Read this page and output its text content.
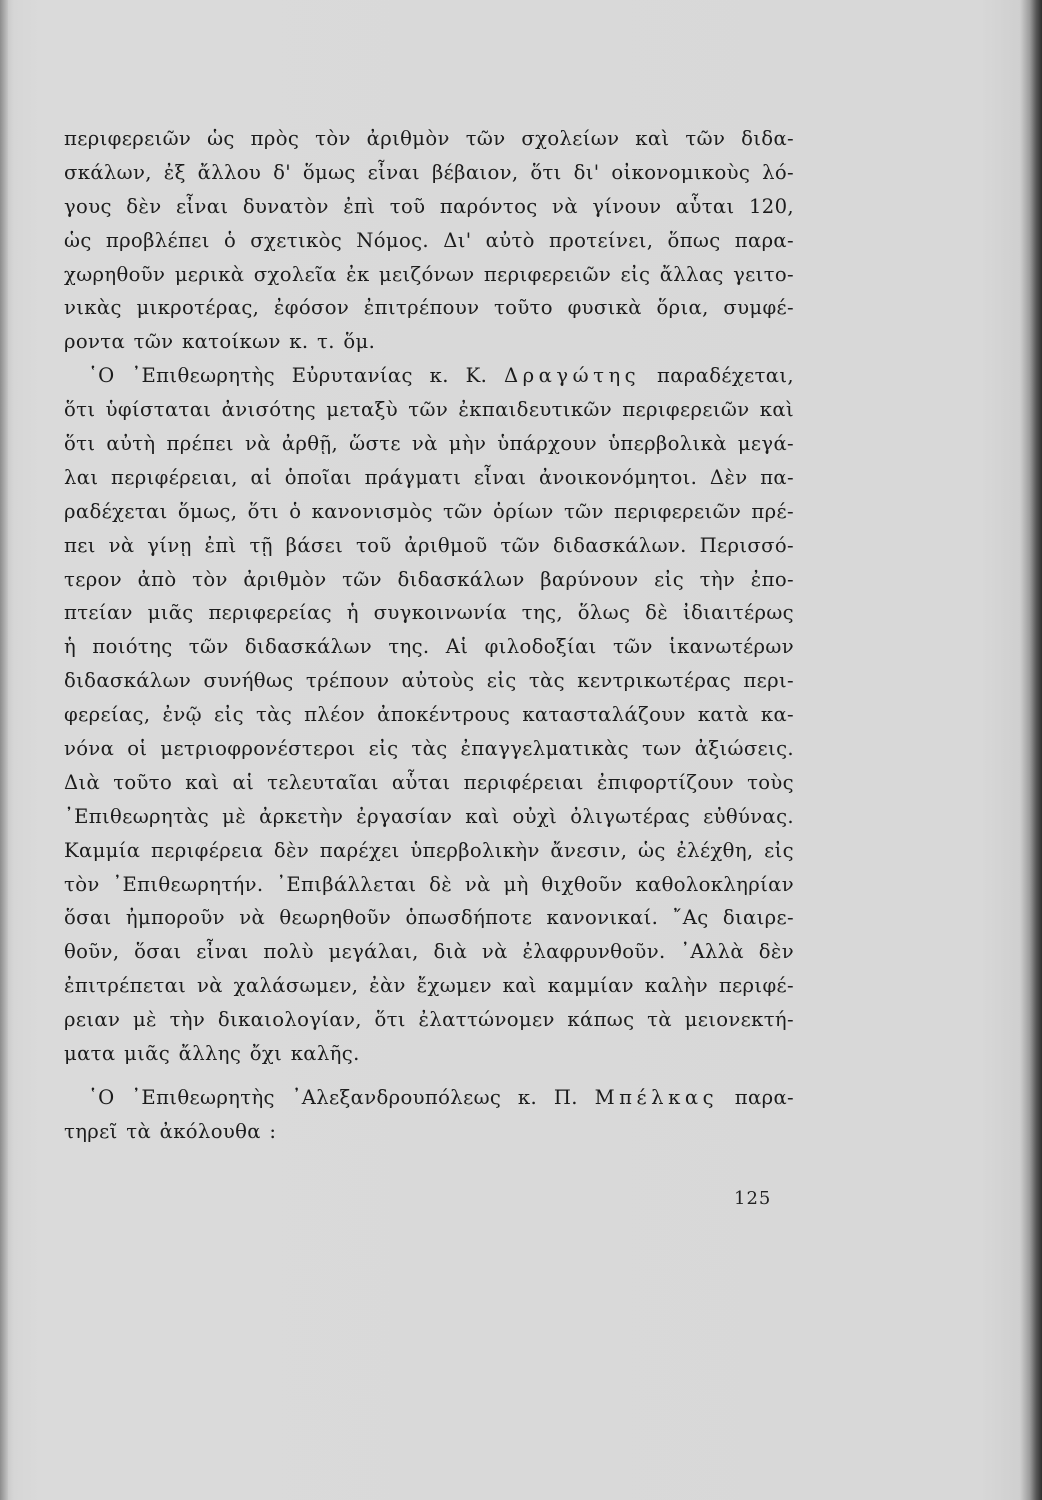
περιφερειῶν ὡς πρὸς τὸν ἀριθμὸν τῶν σχολείων καὶ τῶν διδα-
σκάλων, ἐξ ἄλλου δ' ὅμως εἶναι βέβαιον, ὅτι δι' οἰκονομικοὺς λό-
γους δὲν εἶναι δυνατὸν ἐπὶ τοῦ παρόντος νὰ γίνουν αὗται 120,
ὡς προβλέπει ὁ σχετικὸς Νόμος. Δι' αὐτὸ προτείνει, ὅπως παρα-
χωρηθοῦν μερικὰ σχολεῖα ἐκ μειζόνων περιφερειῶν εἰς ἄλλας γειτο-
νικὰς μικροτέρας, ἐφόσον ἐπιτρέπουν τοῦτο φυσικὰ ὅρια, συμφέ-
ροντα τῶν κατοίκων κ. τ. ὅμ.
῾Ο ᾿Επιθεωρητὴς Εὐρυτανίας κ. Κ. Δραγώτης παραδέχεται,
ὅτι ὑφίσταται ἀνισότης μεταξὺ τῶν ἐκπαιδευτικῶν περιφερειῶν καὶ
ὅτι αὐτὴ πρέπει νὰ ἀρθῇ, ὥστε νὰ μὴν ὑπάρχουν ὑπερβολικὰ μεγά-
λαι περιφέρειαι, αἱ ὁποῖαι πράγματι εἶναι ἀνοικονόμητοι. Δὲν πα-
ραδέχεται ὅμως, ὅτι ὁ κανονισμὸς τῶν ὁρίων τῶν περιφερειῶν πρέ-
πει νὰ γίνῃ ἐπὶ τῇ βάσει τοῦ ἀριθμοῦ τῶν διδασκάλων. Περισσό-
τερον ἀπὸ τὸν ἀριθμὸν τῶν διδασκάλων βαρύνουν εἰς τὴν ἐπο-
πτείαν μιᾶς περιφερείας ἡ συγκοινωνία της, ὅλως δὲ ἰδιαιτέρως
ἡ ποιότης τῶν διδασκάλων της. Αἱ φιλοδοξίαι τῶν ἱκανωτέρων
διδασκάλων συνήθως τρέπουν αὐτοὺς εἰς τὰς κεντρικωτέρας περι-
φερείας, ἐνῷ εἰς τὰς πλέον ἀποκέντρους κατασταλάζουν κατὰ κα-
νόνα οἱ μετριοφρονέστεροι εἰς τὰς ἐπαγγελματικὰς των ἀξιώσεις.
Διὰ τοῦτο καὶ αἱ τελευταῖαι αὗται περιφέρειαι ἐπιφορτίζουν τοὺς
᾿Επιθεωρητὰς μὲ ἀρκετὴν ἐργασίαν καὶ οὐχὶ ὀλιγωτέρας εὐθύνας.
Καμμία περιφέρεια δὲν παρέχει ὑπερβολικὴν ἄνεσιν, ὡς ἐλέχθη, εἰς
τὸν ᾿Επιθεωρητήν. ᾿Επιβάλλεται δὲ νὰ μὴ θιχθοῦν καθολοκληρίαν
ὅσαι ἠμποροῦν νὰ θεωρηθοῦν ὁπωσδήποτε κανονικαί. ῎Ας διαιρε-
θοῦν, ὅσαι εἶναι πολὺ μεγάλαι, διὰ νὰ ἐλαφρυνθοῦν. ᾿Αλλὰ δὲν
ἐπιτρέπεται νὰ χαλάσωμεν, ἐὰν ἔχωμεν καὶ καμμίαν καλὴν περιφέ-
ρειαν μὲ τὴν δικαιολογίαν, ὅτι ἐλαττώνομεν κάπως τὰ μειονεκτή-
ματα μιᾶς ἄλλης ὄχι καλῆς.
῾Ο ᾿Επιθεωρητὴς ᾿Αλεξανδρουπόλεως κ. Π. Μπέλκας παρα-
τηρεῖ τὰ ἀκόλουθα :
125
